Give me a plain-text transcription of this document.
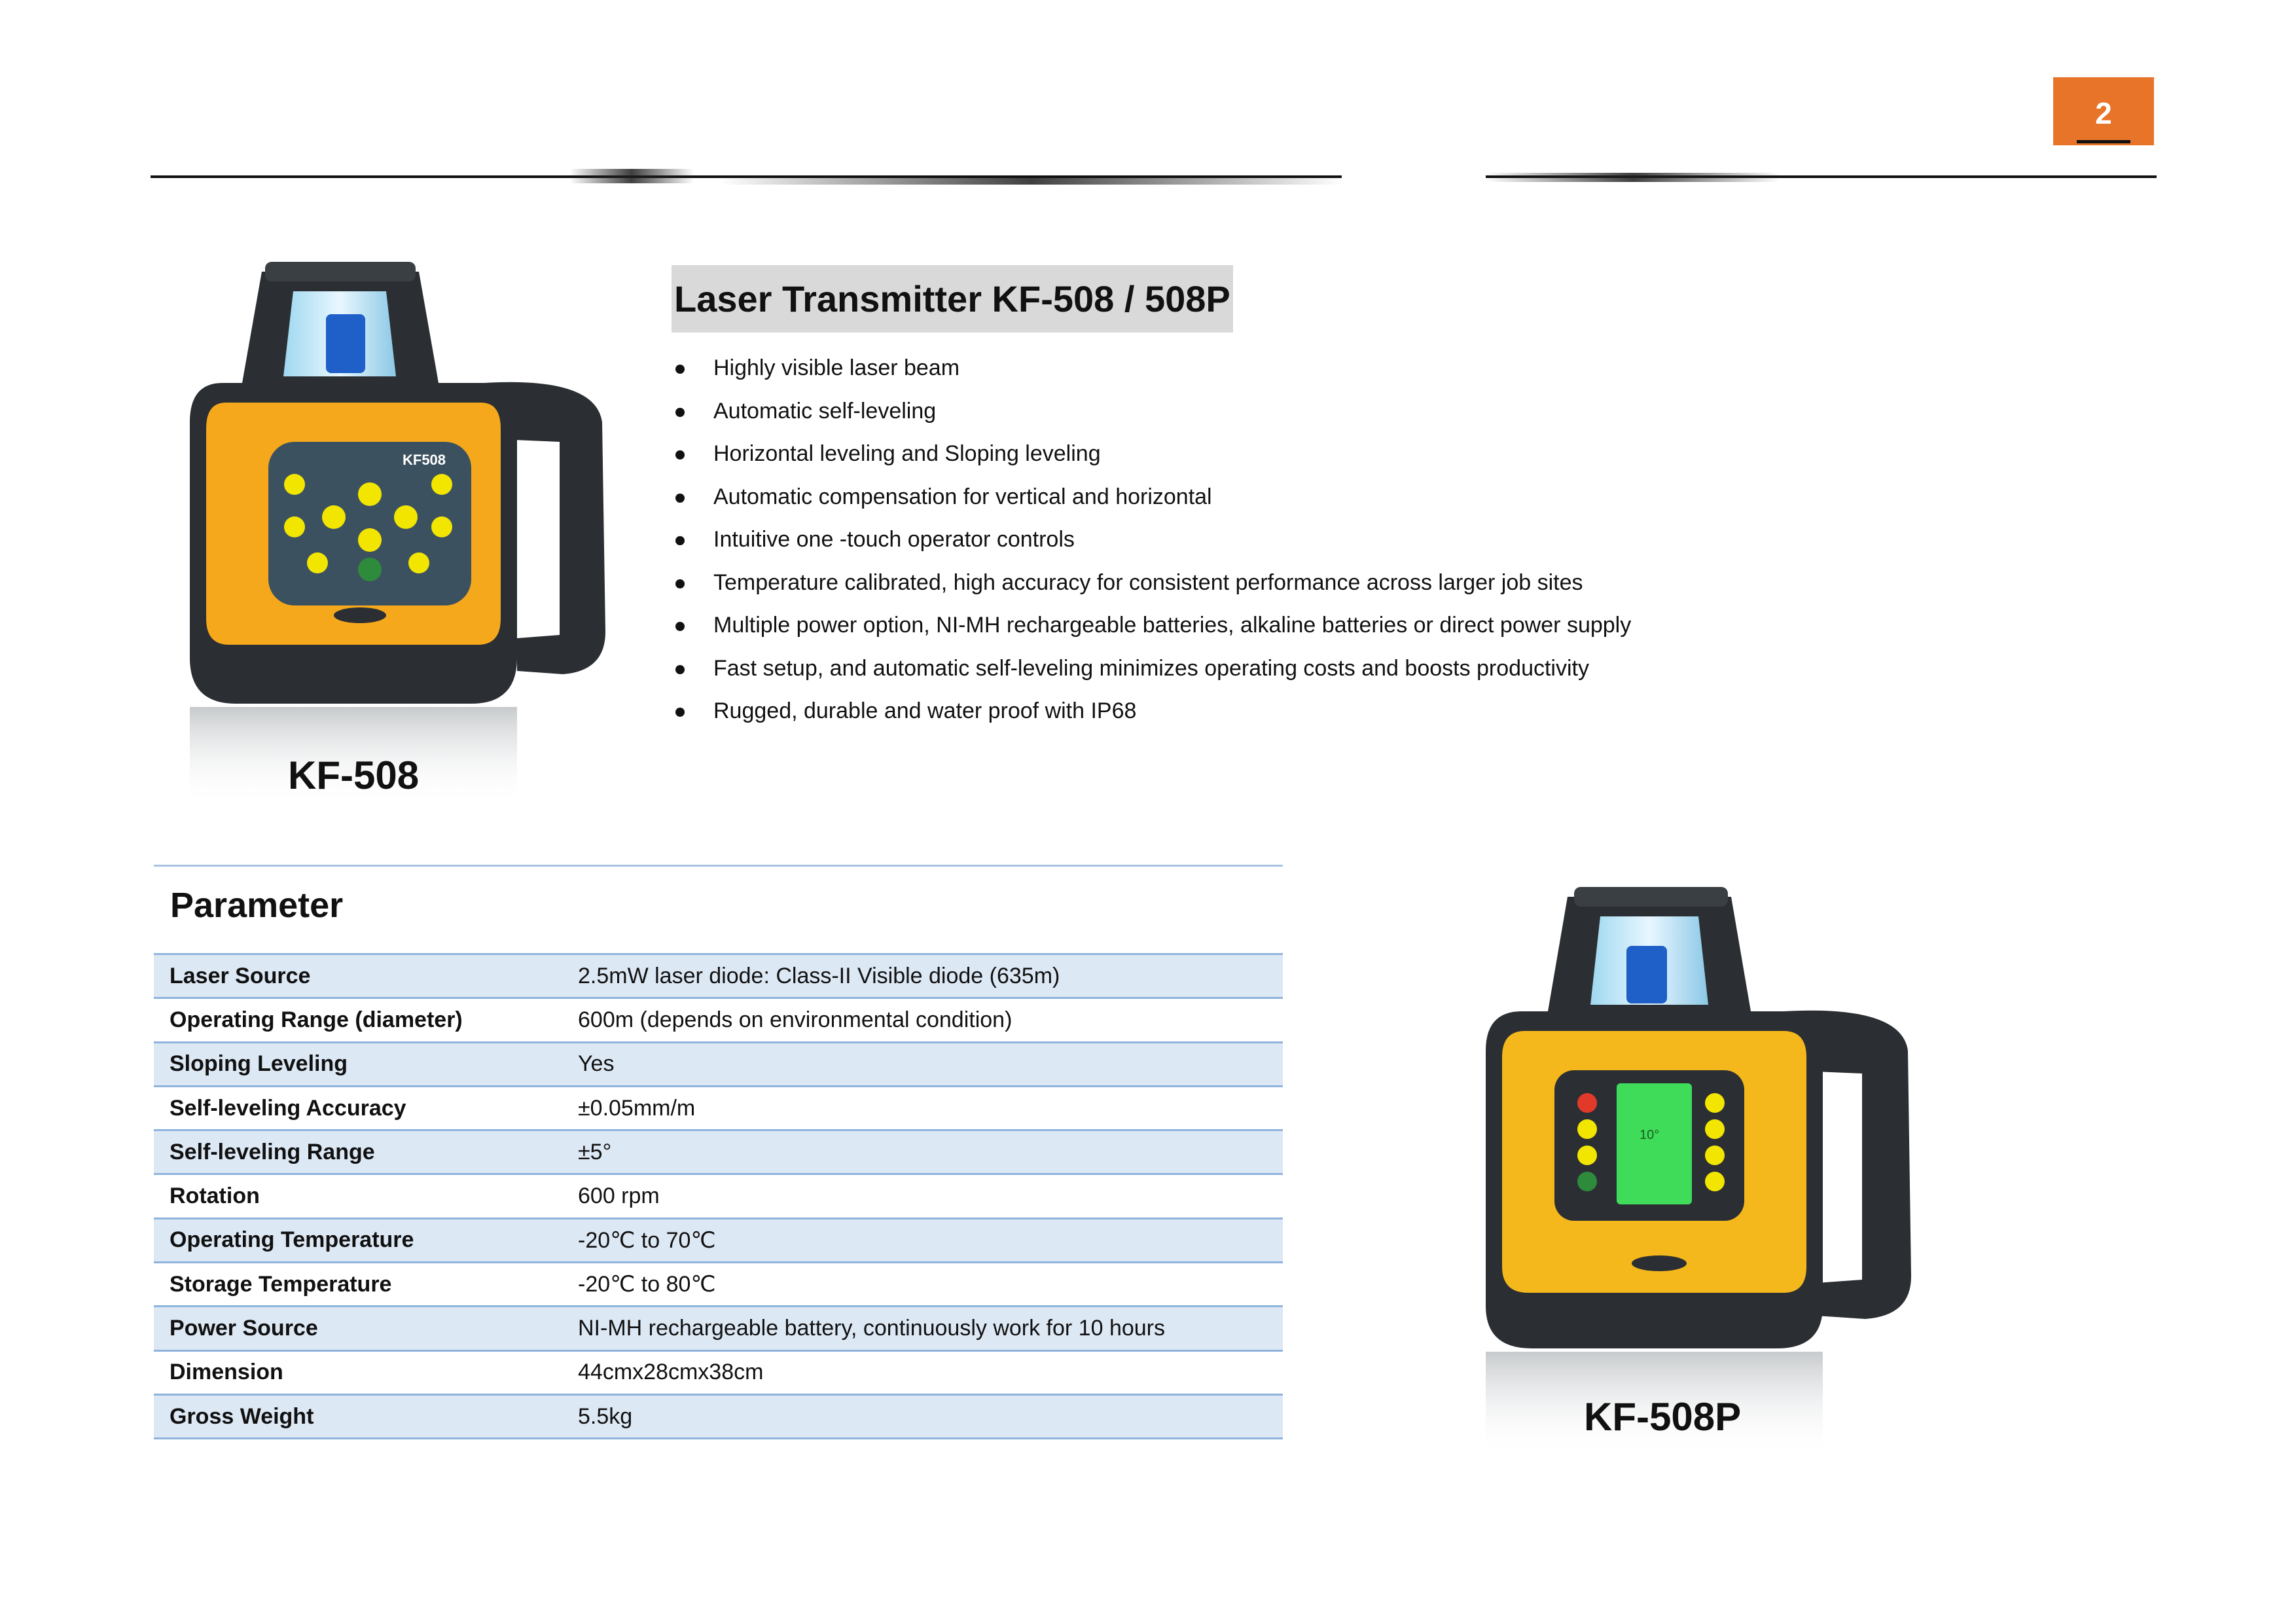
2
KF508
KF-508
Laser Transmitter KF-508 / 508P
Highly visible laser beam
Automatic self-leveling
Horizontal leveling and Sloping leveling
Automatic compensation for vertical and horizontal
Intuitive one -touch operator controls
Temperature calibrated, high accuracy for consistent performance across larger job sites
Multiple power option, NI-MH rechargeable batteries, alkaline batteries or direct power supply
Fast setup, and automatic self-leveling minimizes operating costs and boosts productivity
Rugged, durable and water proof with IP68
Parameter
Laser Source	2.5mW laser diode: Class-II Visible diode (635m)
Operating Range (diameter)	600m (depends on environmental condition)
Sloping Leveling	Yes
Self-leveling Accuracy	±0.05mm/m
Self-leveling Range	±5°
Rotation	600 rpm
Operating Temperature	-20℃ to 70℃
Storage Temperature	-20℃ to 80℃
Power Source	NI-MH rechargeable battery, continuously work for 10 hours
Dimension	44cmx28cmx38cm
Gross Weight	5.5kg
10°
KF-508P
